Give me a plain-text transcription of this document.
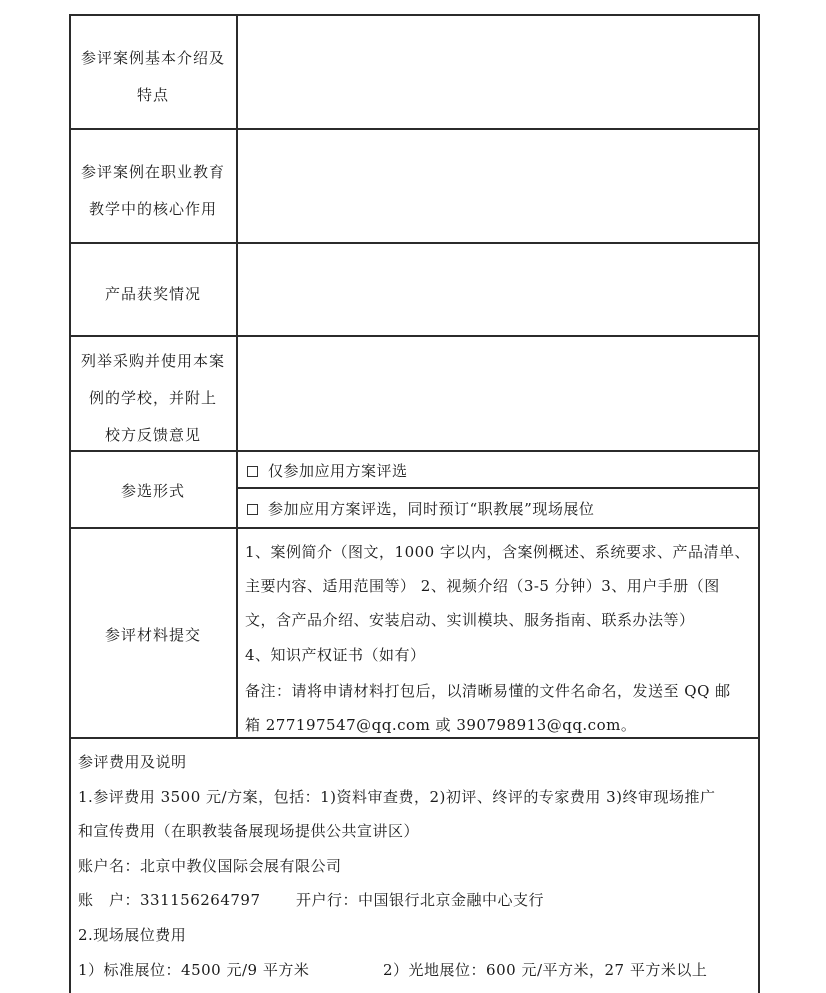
参评案例基本介绍及
特点
参评案例在职业教育
教学中的核心作用
产品获奖情况
列举采购并使用本案
例的学校，并附上
校方反馈意见
参选形式
仅参加应用方案评选
参加应用方案评选，同时预订“职教展”现场展位
参评材料提交
1、案例简介（图文，1000 字以内，含案例概述、系统要求、产品清单、
主要内容、适用范围等） 2、视频介绍（3-5 分钟）3、用户手册（图
文，含产品介绍、安装启动、实训模块、服务指南、联系办法等）
4、知识产权证书（如有）
备注：请将申请材料打包后，以清晰易懂的文件名命名，发送至 QQ 邮
箱 277197547@qq.com 或 390798913@qq.com。
参评费用及说明
1.参评费用 3500 元/方案，包括：1)资料审查费，2)初评、终评的专家费用 3)终审现场推广
和宣传费用（在职教装备展现场提供公共宣讲区）
账户名：北京中教仪国际会展有限公司
账　户：331156264797 开户行：中国银行北京金融中心支行
2.现场展位费用
1）标准展位：4500 元/9 平方米	2）光地展位：600 元/平方米，27 平方米以上
